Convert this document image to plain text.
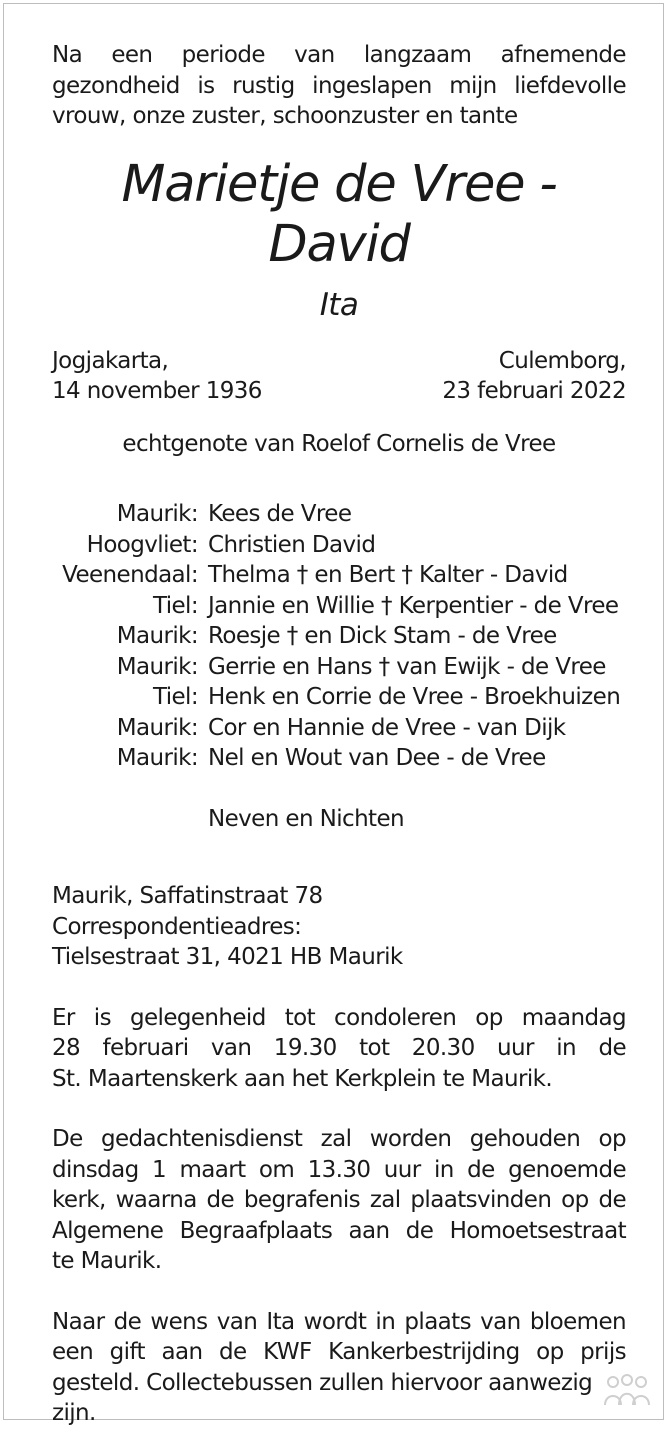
Na een periode van langzaam afnemende

gezondheid is rustig ingeslapen mijn liefdevolle

vrouw, onze zuster, schoonzuster en tante

Marietje de Vree - David
Ita
Jogjakarta,
14 november 1936
Culemborg,
23 februari 2022
echtgenote van Roelof Cornelis de Vree
Maurik: Kees de Vree
Hoogvliet: Christien David
Veenendaal: Thelma † en Bert † Kalter - David
Tiel: Jannie en Willie † Kerpentier - de Vree
Maurik: Roesje † en Dick Stam - de Vree
Maurik: Gerrie en Hans † van Ewijk - de Vree
Tiel: Henk en Corrie de Vree - Broekhuizen
Maurik: Cor en Hannie de Vree - van Dijk
Maurik: Nel en Wout van Dee - de Vree
Neven en Nichten
Maurik, Saffatinstraat 78
Correspondentieadres:
Tielsestraat 31, 4021 HB Maurik

Er is gelegenheid tot condoleren op maandag

28 februari van 19.30 tot 20.30 uur in de

St. Maartenskerk aan het Kerkplein te Maurik.

De gedachtenisdienst zal worden gehouden op

dinsdag 1 maart om 13.30 uur in de genoemde

kerk, waarna de begrafenis zal plaatsvinden op de

Algemene Begraafplaats aan de Homoetsestraat

te Maurik.

Naar de wens van Ita wordt in plaats van bloemen

een gift aan de KWF Kankerbestrijding op prijs

gesteld. Collectebussen zullen hiervoor aanwezig zijn.
